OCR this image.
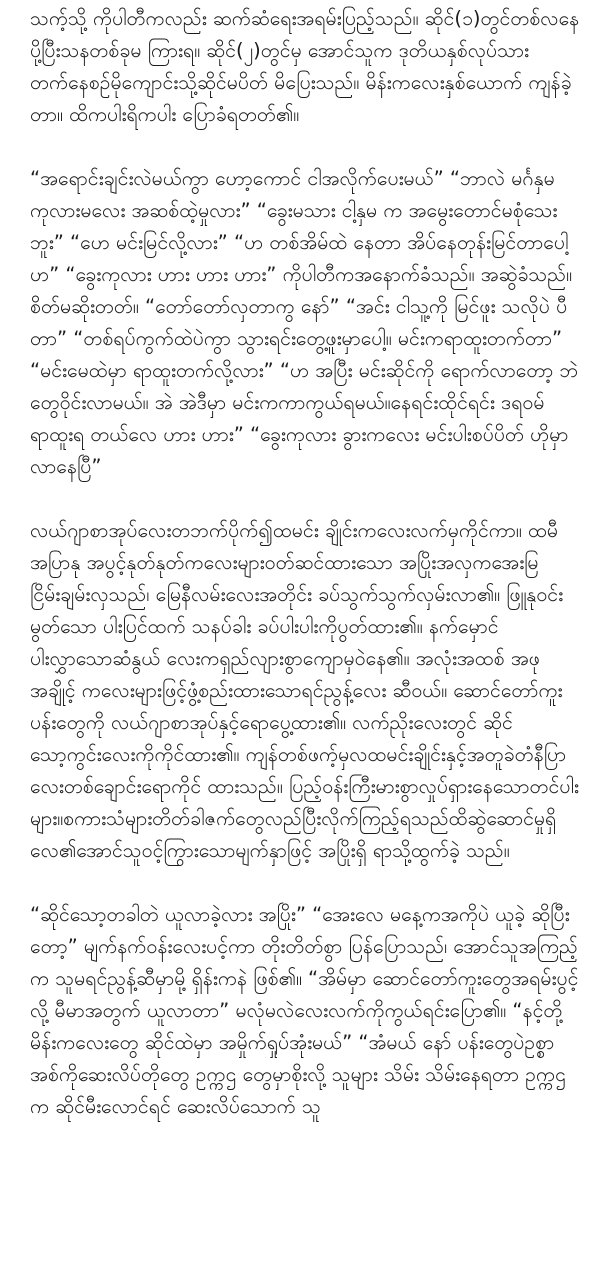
သက့်သို့ ကိုပါတီကလည်း ဆက်ဆံရေးအရမ်းပြည့်သည်။ ဆိုင်(၁)တွင်တစ်လနေပို့ပြီးသနတစ်ခုမ ကြားရ။ ဆိုင်(၂)တွင်မှ အောင်သူက ဒုတိယနှစ်လုပ်သားတက်နေစဉ်မိုကျောင်းသို့ဆိုင်မပိတ် မိပြေးသည်။ မိန်းကလေးနှစ်ယောက် ကျန်ခဲ့တာ။ ထိကပါးရိကပါး ပြောခံရတတ်၏။

“အရောင်းချင်းလဲမယ်ကွာ ဟော့ကောင် ငါအလိုက်ပေးမယ်” “ဘာလဲ မင်္ဂနှမ ကုလားမလေး အဆစ်ထဲ့မှုလား” “ခွေးမသား ငါ့နှမ က အမွေးတောင်မစုံသေးဘူး” “ဟေ မင်းမြင်လို့လား” “ဟ တစ်အိမ်ထဲ နေတာ အိပ်နေတုန်းမြင်တာပေါ့ ဟ” “ခွေးကုလား ဟား ဟား ဟား” ကိုပါတီကအနောက်ခံသည်။ အဆွဲခံသည်။ စိတ်မဆိုးတတ်။ “တော်တော်လှတာကွ နော်” “အင်း ငါသူ့ကို မြင်ဖူး သလိုပဲ ပီတာ” “တစ်ရပ်ကွက်ထဲပဲကွာ သွားရင်းတွေ့ဖူးမှာပေါ့။ မင်းကရာထူးတက်တာ” “မင်းမေထဲမှာ ရာထူးတက်လို့လား” “ဟ အပြီး မင်းဆိုင်ကို ရောက်လာတော့ ဘဲတွေဝိုင်းလာမယ်။ အဲ အဲဒီမှာ မင်းကကာကွယ်ရမယ်။နေရင်းထိုင်ရင်း ဒရဝမ်ရာထူးရ တယ်လေ ဟား ဟား” “ခွေးကုလား ခွားကလေး မင်းပါးစပ်ပိတ် ဟိုမှာလာနေပြီ”

လယ်ဂျာစာအုပ်လေးတဘက်ပိုက်၍ထမင်း ချိုင်းကလေးလက်မှကိုင်ကာ။ ထမီအပြာနု အပွင့်နုတ်နုတ်ကလေးများဝတ်ဆင်ထားသော အပြိုးအလှကအေးမြငြိမ်းချမ်းလှသည်၊ မြေနီလမ်းလေးအတိုင်း ခပ်သွက်သွက်လှမ်းလာ၏။ ဖြူနုဝင်းမွတ်သော ပါးပြင်ထက် သနပ်ခါး ခပ်ပါးပါးကိုပွတ်ထား၏။ နက်မှောင် ပါးလွှာသောဆံနွယ် လေးကရှည်လျားစွာကျောမှဝဲနေ၏။ အလုံးအထစ် အဖုအချိုင့် ကလေးများဖြင့်ဖွံ့စည်းထားသောရင်ညွန့်လေး ဆီဝယ်။ ဆောင်တော်ကူးပန်းတွေကို လယ်ဂျာစာအုပ်နှင့်ရောပွေ့ထား၏။ လက်ညိုးလေးတွင် ဆိုင်သော့ကွင်းလေးကိုကိုင်ထား၏။ ကျန်တစ်ဖက့်မှလထမင်းချိုင်းနှင့်အတူခဲတံနီပြာလေးတစ်ချောင်းရောကိုင် ထားသည်။ ပြည့်ဝန်းကြီးမားစွာလှုပ်ရှားနေသောတင်ပါး များ။စကားသံများတိတ်ခါဇက်တွေလည်ပြီးလိုက်ကြည့်ရသည်ထိဆွဲဆောင်မှုရှိ လေ၏အောင်သူဝင့်ကြွားသောမျက်နှာဖြင့် အပြိုးရှိ ရာသို့ထွက်ခဲ့ သည်။

“ဆိုင်သော့တခါတဲ ယူလာခဲ့လား အပြိုး” “အေးလေ မနေ့ကအကိုပဲ ယူခဲ့ ဆိုပြီးတော့” မျက်နက်ဝန်းလေးပင့်ကာ တိုးတိတ်စွာ ပြန်ပြောသည်၊ အောင်သူအကြည့်က သူမရင်ညွန့်ဆီမှာမို့ ရှိန်းကနဲ ဖြစ်၏။ “အိမ်မှာ ဆောင်တော်ကူးတွေအရမ်းပွင့်လို့ မီမာအတွက် ယူလာတာ” မလုံမလဲလေးလက်ကိုကွယ်ရင်းပြော၏။ “နင့်တို့ မိန်းကလေးတွေ ဆိုင်ထဲမှာ အမှိုက်ရှုပ်အုံးမယ်” “အံမယ် နော် ပန်းတွေပဲဥစ္စာ အစ်ကိုဆေးလိပ်တိုတွေ ဥက္ကဌ တွေမှာစိုးလို့ သူများ သိမ်း သိမ်းနေရတာ ဥက္ကဌက ဆိုင်မီးလောင်ရင် ဆေးလိပ်သောက် သူ
